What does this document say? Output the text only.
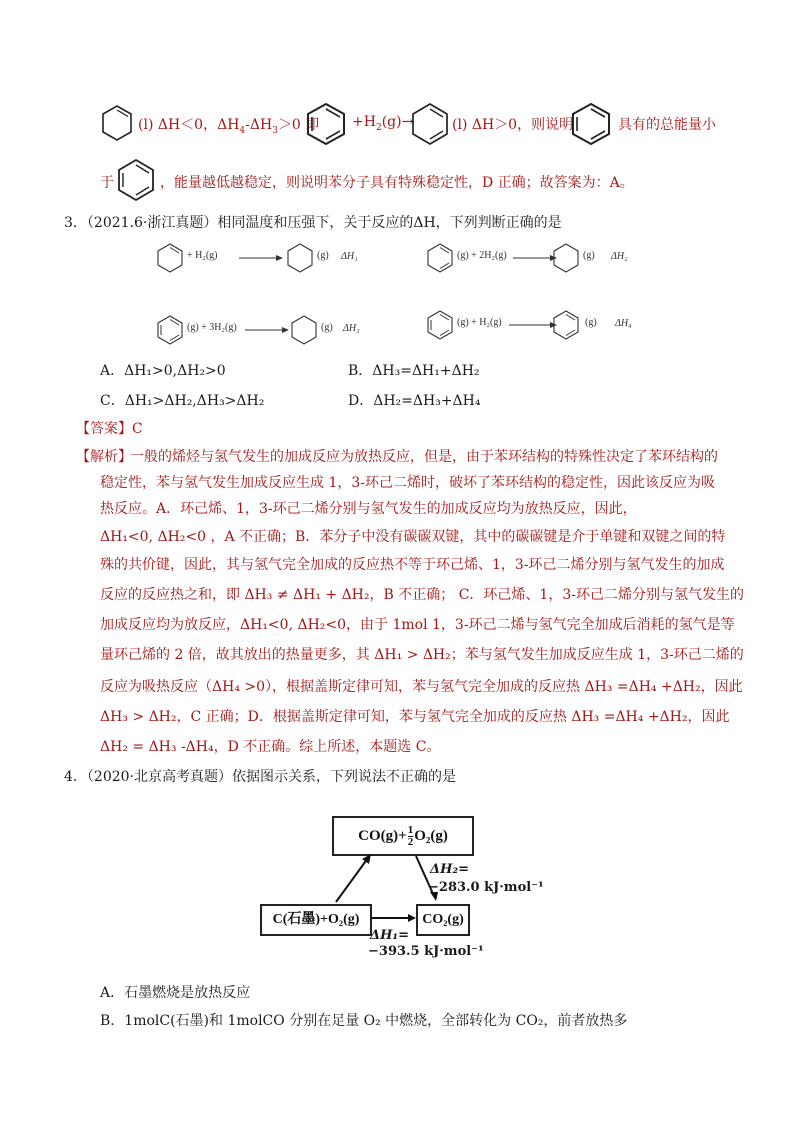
(l) ΔH＜0，$\Delta H_4-\Delta H_3>0$ 即 $+H_2(g)\to$	(l) ΔH＞0，则说明	具有的总能量小
于	，能量越低越稳定，则说明苯分子具有特殊稳定性，D 正确；故答案为：A。
3．（2021.6·浙江真题）相同温度和压强下，关于反应的ΔH，下列判断正确的是
+ H₂(g)	(g) ΔH₁	(g) + 2H₂(g) →	(g) ΔH₂
(g) + 3H₂(g) →	(g) ΔH₃
(g) + H₂(g) →	(g) ΔH₄
A．ΔH₁>0,ΔH₂>0	B．ΔH₃=ΔH₁+ΔH₂
C．ΔH₁>ΔH₂,ΔH₃>ΔH₂	D．ΔH₂=ΔH₃+ΔH₄
【答案】C
【解析】
一般的烯烃与氢气发生的加成反应为放热反应，但是，由于苯环结构的特殊性决定了苯环结构的
稳定性，苯与氢气发生加成反应生成 1，3-环己二烯时，破坏了苯环结构的稳定性，因此该反应为吸
热反应。A．环己烯、1，3-环己二烯分别与氢气发生的加成反应均为放热反应，因此，
ΔH₁<0, ΔH₂<0 ，A 不正确；B．苯分子中没有碳碳双键，其中的碳碳键是介于单键和双键之间的特
殊的共价键，因此，其与氢气完全加成的反应热不等于环己烯、1，3-环己二烯分别与氢气发生的加成
反应的反应热之和，即 ΔH₃ ≠ ΔH₁ + ΔH₂，B 不正确； C．环己烯、1，3-环己二烯分别与氢气发生的
加成反应均为放反应，ΔH₁<0, ΔH₂<0，由于 1mol 1，3-环己二烯与氢气完全加成后消耗的氢气是等
量环己烯的 2 倍，故其放出的热量更多，其 ΔH₁ > ΔH₂；苯与氢气发生加成反应生成 1，3-环己二烯的
反应为吸热反应（ΔH₄ >0），根据盖斯定律可知，苯与氢气完全加成的反应热 ΔH₃ =ΔH₄ +ΔH₂，因此
ΔH₃ > ΔH₂，C 正确；D．根据盖斯定律可知，苯与氢气完全加成的反应热 ΔH₃ =ΔH₄ +ΔH₂，因此
ΔH₂ = ΔH₃ -ΔH₄，D 不正确。综上所述，本题选 C。
4．（2020·北京高考真题）依据图示关系，下列说法不正确的是
$CO(g)+ \frac{1}{2} O_2(g)$
C(石墨)+O₂(g)	CO₂(g)
ΔH₂=
−283.0 kJ·mol⁻¹
ΔH₁=
−393.5 kJ·mol⁻¹
A．石墨燃烧是放热反应
B．1molC(石墨)和 1molCO 分别在足量 O₂ 中燃烧，全部转化为 CO₂，前者放热多
